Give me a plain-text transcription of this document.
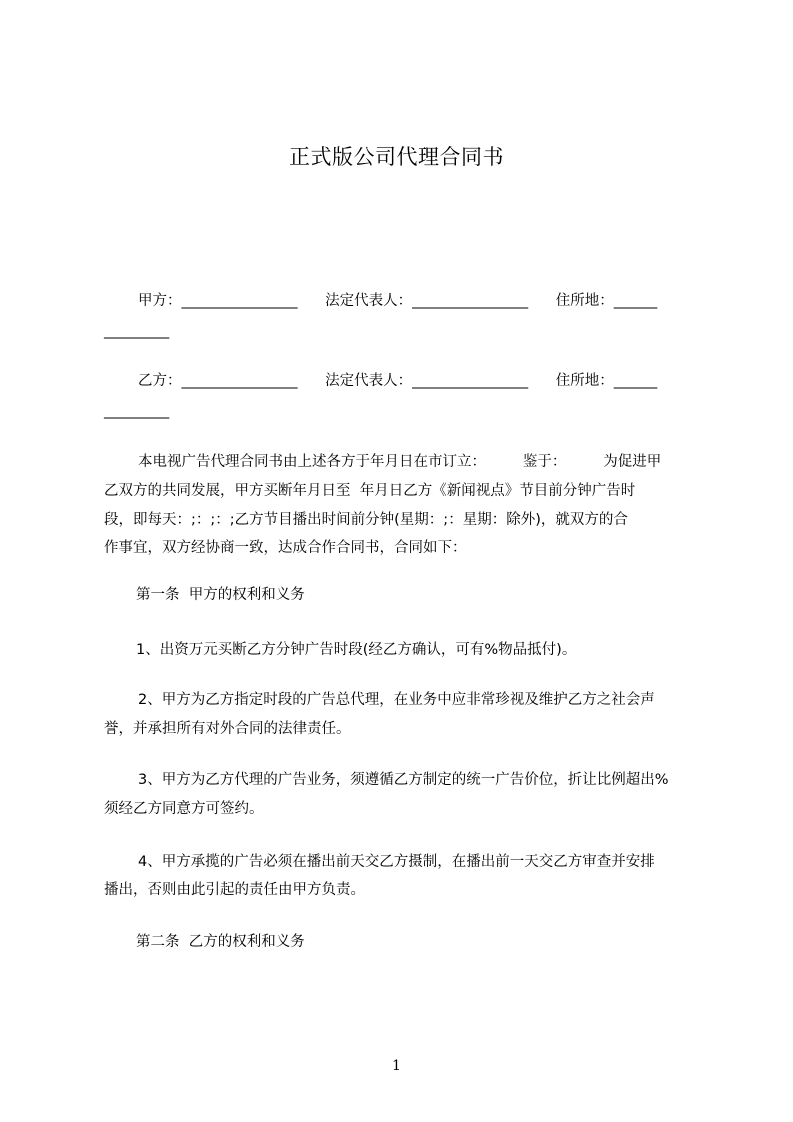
正式版公司代理合同书
甲方：________________      法定代表人：________________      住所地：______
_________
乙方：________________      法定代表人：________________      住所地：______
_________
本电视广告代理合同书由上述各方于年月日在市订立：        鉴于：        为促进甲
乙双方的共同发展，甲方买断年月日至  年月日乙方《新闻视点》节目前分钟广告时
段，即每天：;：;：;乙方节目播出时间前分钟(星期：;：星期：除外)，就双方的合
作事宜，双方经协商一致，达成合作合同书，合同如下：
第一条  甲方的权利和义务
1、出资万元买断乙方分钟广告时段(经乙方确认，可有%物品抵付)。
2、甲方为乙方指定时段的广告总代理，在业务中应非常珍视及维护乙方之社会声
誉，并承担所有对外合同的法律责任。
3、甲方为乙方代理的广告业务，须遵循乙方制定的统一广告价位，折让比例超出%
须经乙方同意方可签约。
4、甲方承揽的广告必须在播出前天交乙方摄制，在播出前一天交乙方审查并安排
播出，否则由此引起的责任由甲方负责。
第二条  乙方的权利和义务
1
